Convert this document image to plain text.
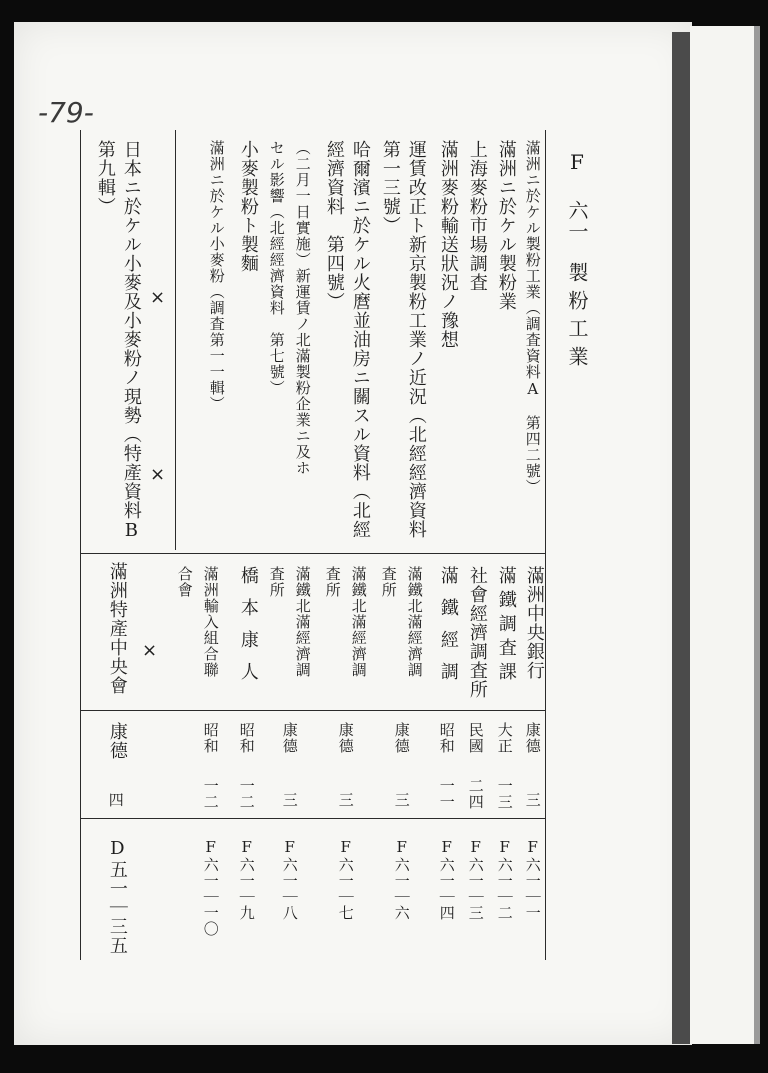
-79-
F 六一
製粉工業
×
×
×
滿洲ニ於ケル製粉工業（調査資料A　第四二號）
滿洲中央銀行
康德
三
F六一｜一
滿洲ニ於ケル製粉業
滿鐵調査課
大正
一三
F六一｜二
上海麥粉市場調査
社會經濟調査所
民國
二四
F六一｜三
滿洲麥粉輸送狀況ノ豫想
滿鐵經調
昭和
一一
F六一｜四
運賃改正ト新京製粉工業ノ近況（北經經濟資料
第一三號）
滿鐵北滿經濟調
査所
康德
三
F六一｜六
哈爾濱ニ於ケル火麿並油房ニ關スル資料（北經
經濟資料　第四號）
滿鐵北滿經濟調
査所
康德
三
F六一｜七
（二月一日實施）新運賃ノ北滿製粉企業ニ及ホ
セル影響（北經經濟資料　第七號）
滿鐵北滿經濟調
査所
康德
三
F六一｜八
小麥製粉ト製麵
橋本康人
昭和
一二
F六一｜九
滿洲ニ於ケル小麥粉（調査第一一輯）
滿洲輸入組合聯
合會
昭和
一二
F六一｜一〇
日本ニ於ケル小麥及小麥粉ノ現勢（特產資料B
第九輯）
滿洲特產中央會
康德
四
D五一｜三五
